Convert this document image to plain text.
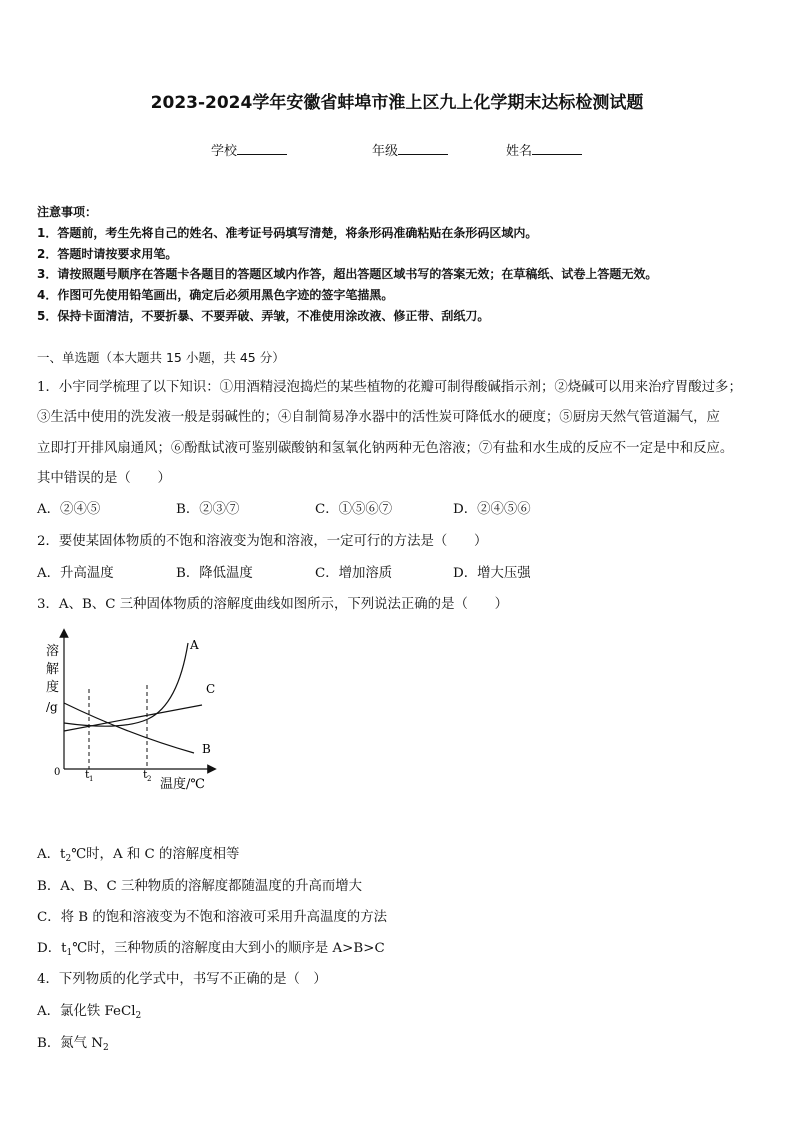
2023-2024学年安徽省蚌埠市淮上区九上化学期末达标检测试题
学校	年级	姓名
注意事项：
1．答题前，考生先将自己的姓名、准考证号码填写清楚，将条形码准确粘贴在条形码区域内。
2．答题时请按要求用笔。
3．请按照题号顺序在答题卡各题目的答题区域内作答，超出答题区域书写的答案无效；在草稿纸、试卷上答题无效。
4．作图可先使用铅笔画出，确定后必须用黑色字迹的签字笔描黑。
5．保持卡面清洁，不要折暴、不要弄破、弄皱，不准使用涂改液、修正带、刮纸刀。
一、单选题（本大题共 15 小题，共 45 分）
1．小宇同学梳理了以下知识：①用酒精浸泡捣烂的某些植物的花瓣可制得酸碱指示剂；②烧碱可以用来治疗胃酸过多；
③生活中使用的洗发液一般是弱碱性的；④自制简易净水器中的活性炭可降低水的硬度；⑤厨房天然气管道漏气，应
立即打开排风扇通风；⑥酚酞试液可鉴别碳酸钠和氢氧化钠两种无色溶液；⑦有盐和水生成的反应不一定是中和反应。
其中错误的是（　　）
A．②④⑤	B．②③⑦	C．①⑤⑥⑦	D．②④⑤⑥
2．要使某固体物质的不饱和溶液变为饱和溶液，一定可行的方法是（　　）
A．升高温度	B．降低温度	C．增加溶质	D．增大压强
3．A、B、C 三种固体物质的溶解度曲线如图所示，下列说法正确的是（　　）
溶
解
度
/g
0 t 1	t 2 温度/℃
A
C
B
A．$t_2℃$时，A 和 C 的溶解度相等
B．A、B、C 三种物质的溶解度都随温度的升高而增大
C．将 B 的饱和溶液变为不饱和溶液可采用升高温度的方法
D．$t_1℃$时，三种物质的溶解度由大到小的顺序是 A>B>C
4．下列物质的化学式中，书写不正确的是（　）
A．氯化铁 FeCl$_2$
B．氮气 $N_2$
